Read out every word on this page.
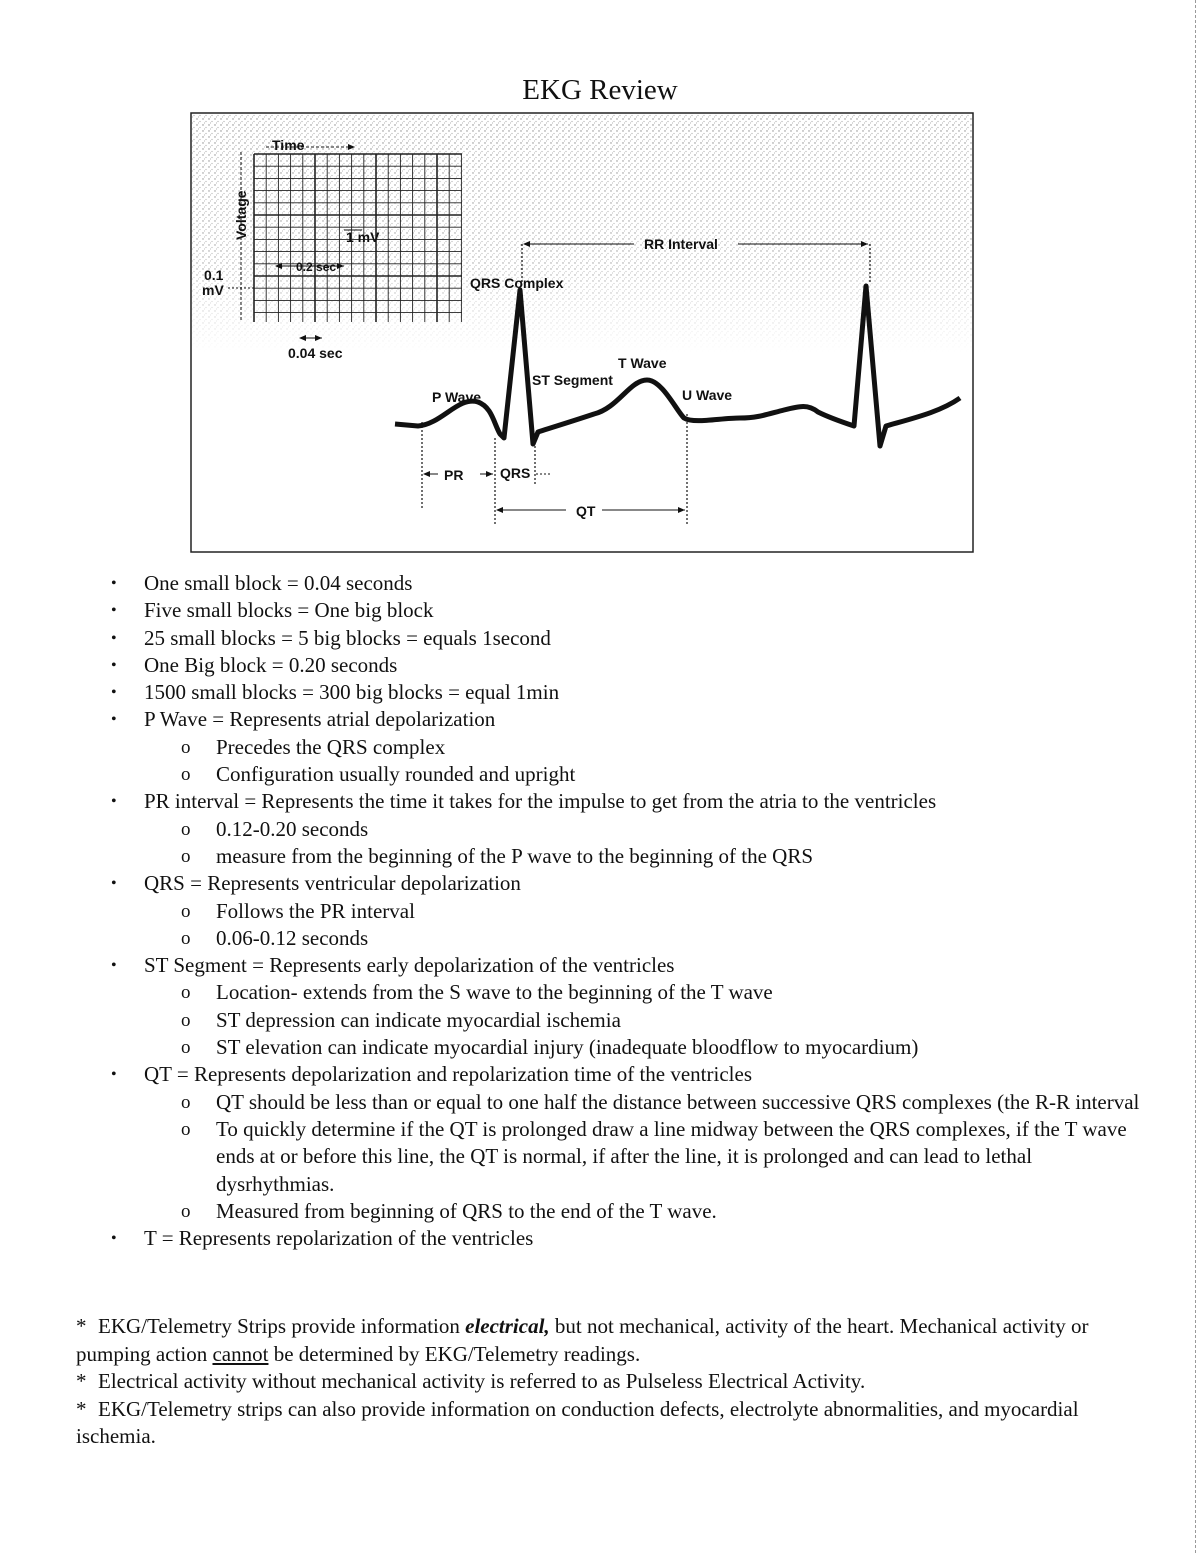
EKG Review
Time
Voltage	1 mV
0.2 sec
0.1
mV
0.04 sec
RR Interval
QRS Complex
T Wave
ST Segment
P Wave	U Wave
PR	QRS
QT
• One small block = 0.04 seconds
• Five small blocks = One big block
• 25 small blocks = 5 big blocks = equals 1second
• One Big block = 0.20 seconds
• 1500 small blocks = 300 big blocks = equal 1min
• P Wave = Represents atrial depolarization
o Precedes the QRS complex
o Configuration usually rounded and upright
• PR interval = Represents the time it takes for the impulse to get from the atria to the ventricles
o 0.12-0.20 seconds
o measure from the beginning of the P wave to the beginning of the QRS
• QRS = Represents ventricular depolarization
o Follows the PR interval
o 0.06-0.12 seconds
• ST Segment = Represents early depolarization of the ventricles
o Location- extends from the S wave to the beginning of the T wave
o ST depression can indicate myocardial ischemia
o ST elevation can indicate myocardial injury (inadequate bloodflow to myocardium)
• QT = Represents depolarization and repolarization time of the ventricles
o QT should be less than or equal to one half the distance between successive QRS complexes (the R-R interval
o To quickly determine if the QT is prolonged draw a line midway between the QRS complexes, if the T wave ends at or before this line, the QT is normal, if after the line, it is prolonged and can lead to lethal dysrhythmias.
o Measured from beginning of QRS to the end of the T wave.
• T = Represents repolarization of the ventricles
* EKG/Telemetry Strips provide information electrical, but not mechanical, activity of the heart. Mechanical activity or pumping action cannot be determined by EKG/Telemetry readings.
* Electrical activity without mechanical activity is referred to as Pulseless Electrical Activity.
* EKG/Telemetry strips can also provide information on conduction defects, electrolyte abnormalities, and myocardial ischemia.
